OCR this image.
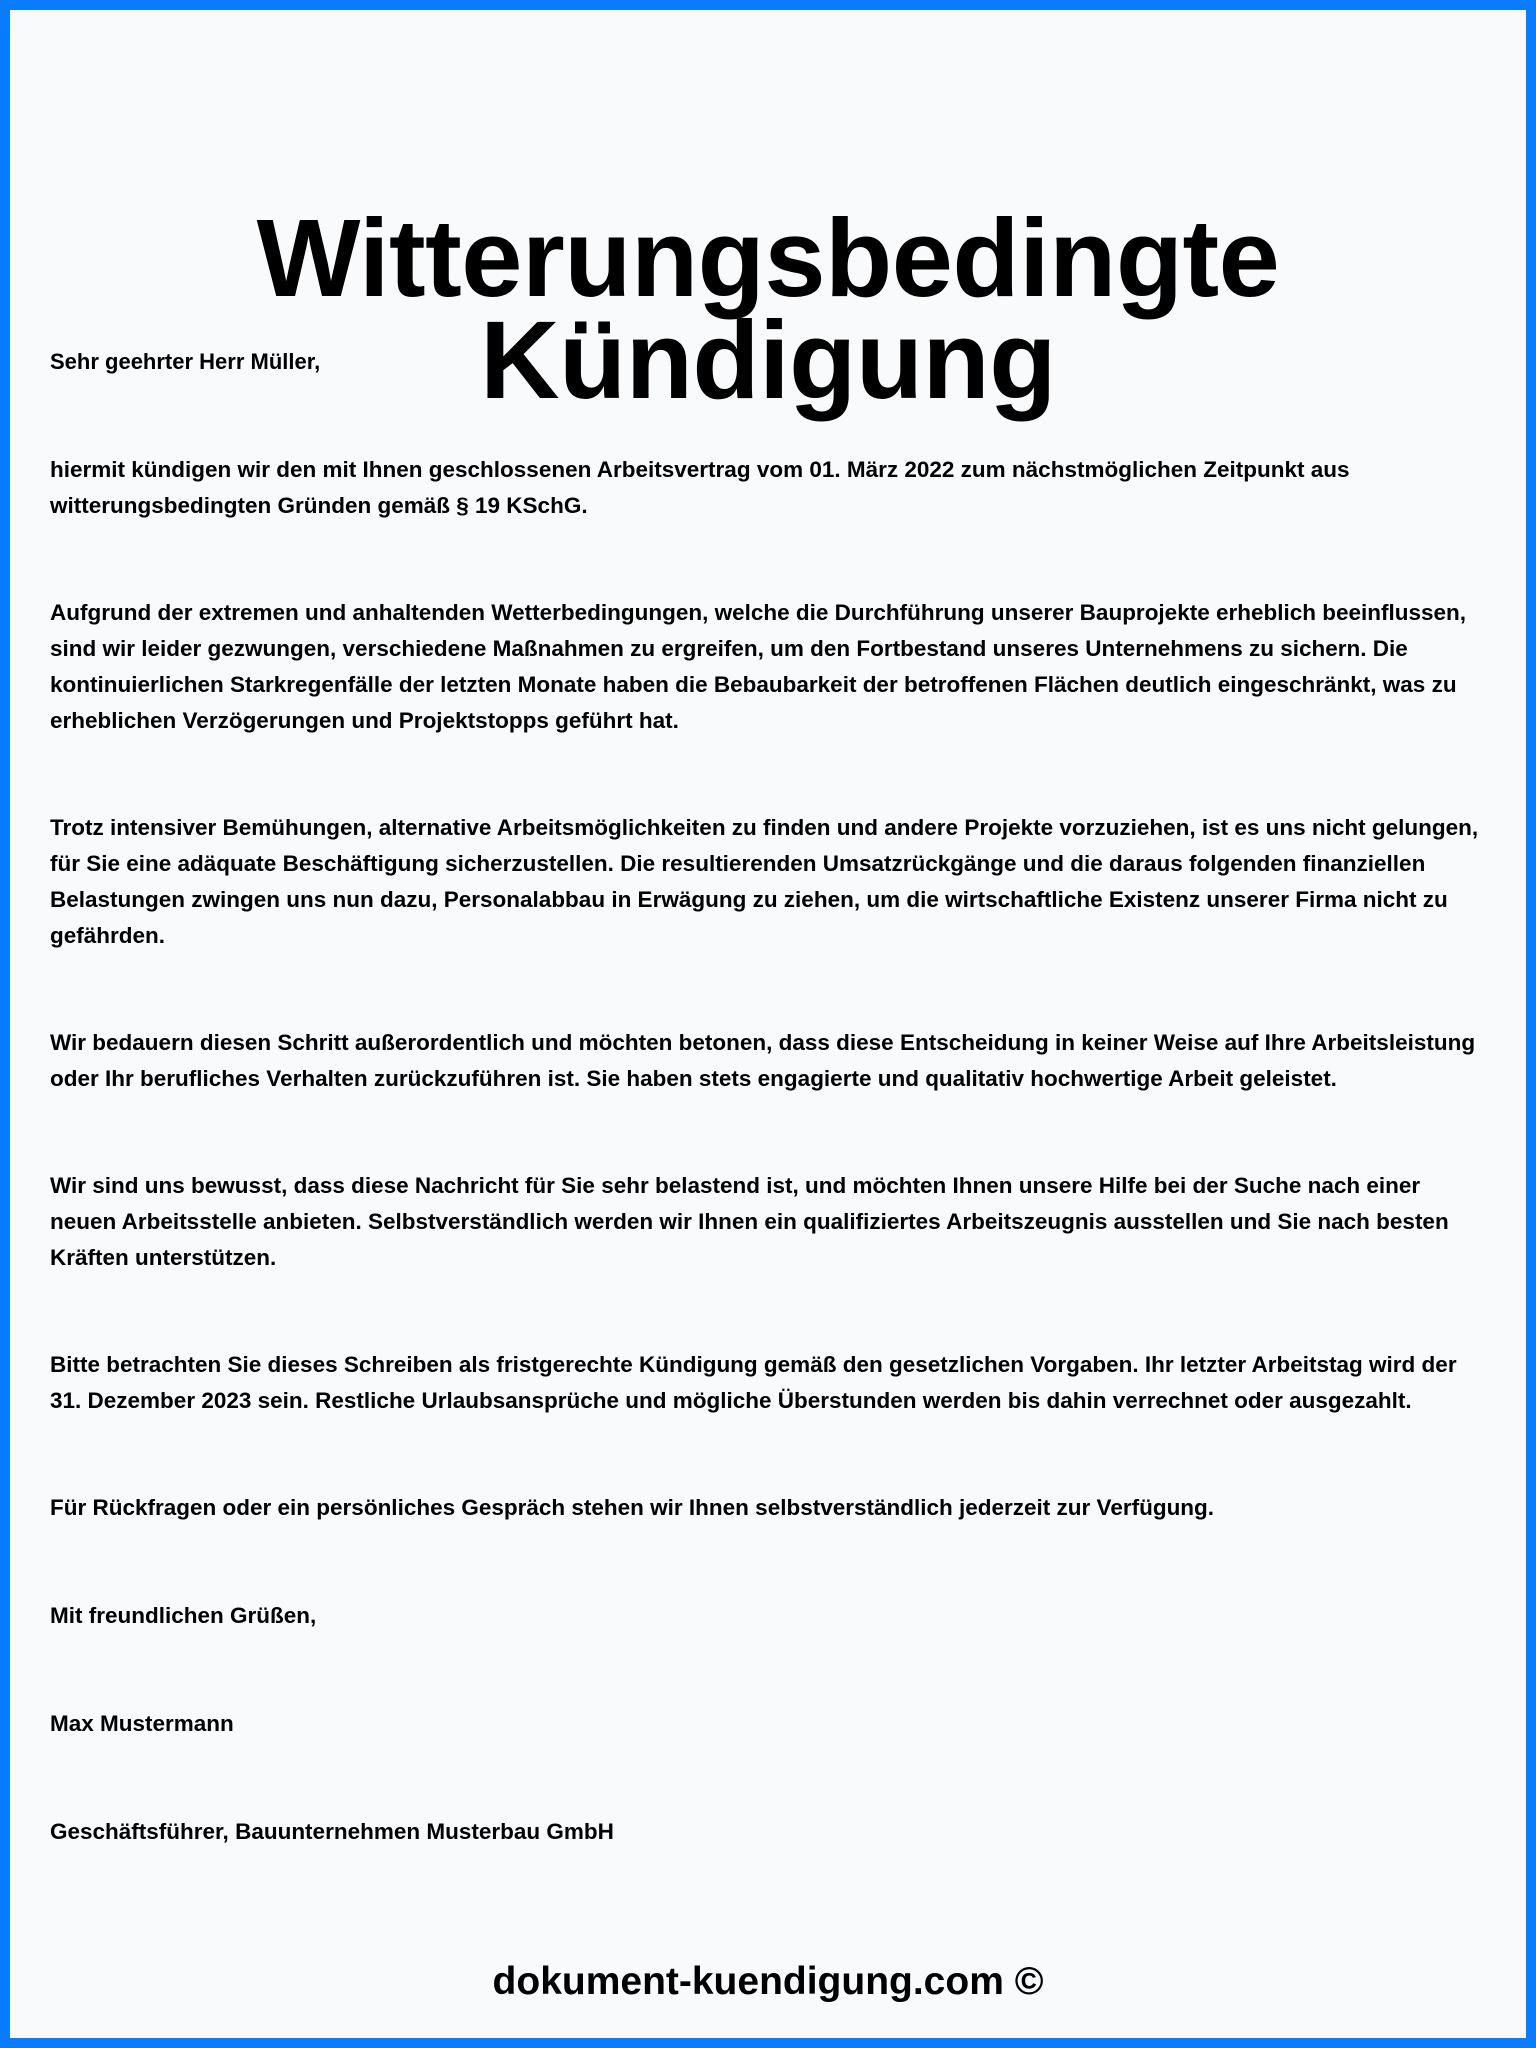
Witterungsbedingte
Kündigung

Sehr geehrter Herr Müller,

hiermit kündigen wir den mit Ihnen geschlossenen Arbeitsvertrag vom 01. März 2022 zum nächstmöglichen Zeitpunkt aus witterungsbedingten Gründen gemäß § 19 KSchG.

Aufgrund der extremen und anhaltenden Wetterbedingungen, welche die Durchführung unserer Bauprojekte erheblich beeinflussen, sind wir leider gezwungen, verschiedene Maßnahmen zu ergreifen, um den Fortbestand unseres Unternehmens zu sichern. Die kontinuierlichen Starkregenfälle der letzten Monate haben die Bebaubarkeit der betroffenen Flächen deutlich eingeschränkt, was zu erheblichen Verzögerungen und Projektstopps geführt hat.

Trotz intensiver Bemühungen, alternative Arbeitsmöglichkeiten zu finden und andere Projekte vorzuziehen, ist es uns nicht gelungen, für Sie eine adäquate Beschäftigung sicherzustellen. Die resultierenden Umsatzrückgänge und die daraus folgenden finanziellen Belastungen zwingen uns nun dazu, Personalabbau in Erwägung zu ziehen, um die wirtschaftliche Existenz unserer Firma nicht zu gefährden.

Wir bedauern diesen Schritt außerordentlich und möchten betonen, dass diese Entscheidung in keiner Weise auf Ihre Arbeitsleistung oder Ihr berufliches Verhalten zurückzuführen ist. Sie haben stets engagierte und qualitativ hochwertige Arbeit geleistet.

Wir sind uns bewusst, dass diese Nachricht für Sie sehr belastend ist, und möchten Ihnen unsere Hilfe bei der Suche nach einer neuen Arbeitsstelle anbieten. Selbstverständlich werden wir Ihnen ein qualifiziertes Arbeitszeugnis ausstellen und Sie nach besten Kräften unterstützen.

Bitte betrachten Sie dieses Schreiben als fristgerechte Kündigung gemäß den gesetzlichen Vorgaben. Ihr letzter Arbeitstag wird der 31. Dezember 2023 sein. Restliche Urlaubsansprüche und mögliche Überstunden werden bis dahin verrechnet oder ausgezahlt.

Für Rückfragen oder ein persönliches Gespräch stehen wir Ihnen selbstverständlich jederzeit zur Verfügung.

Mit freundlichen Grüßen,

Max Mustermann

Geschäftsführer, Bauunternehmen Musterbau GmbH

dokument-kuendigung.com ©
